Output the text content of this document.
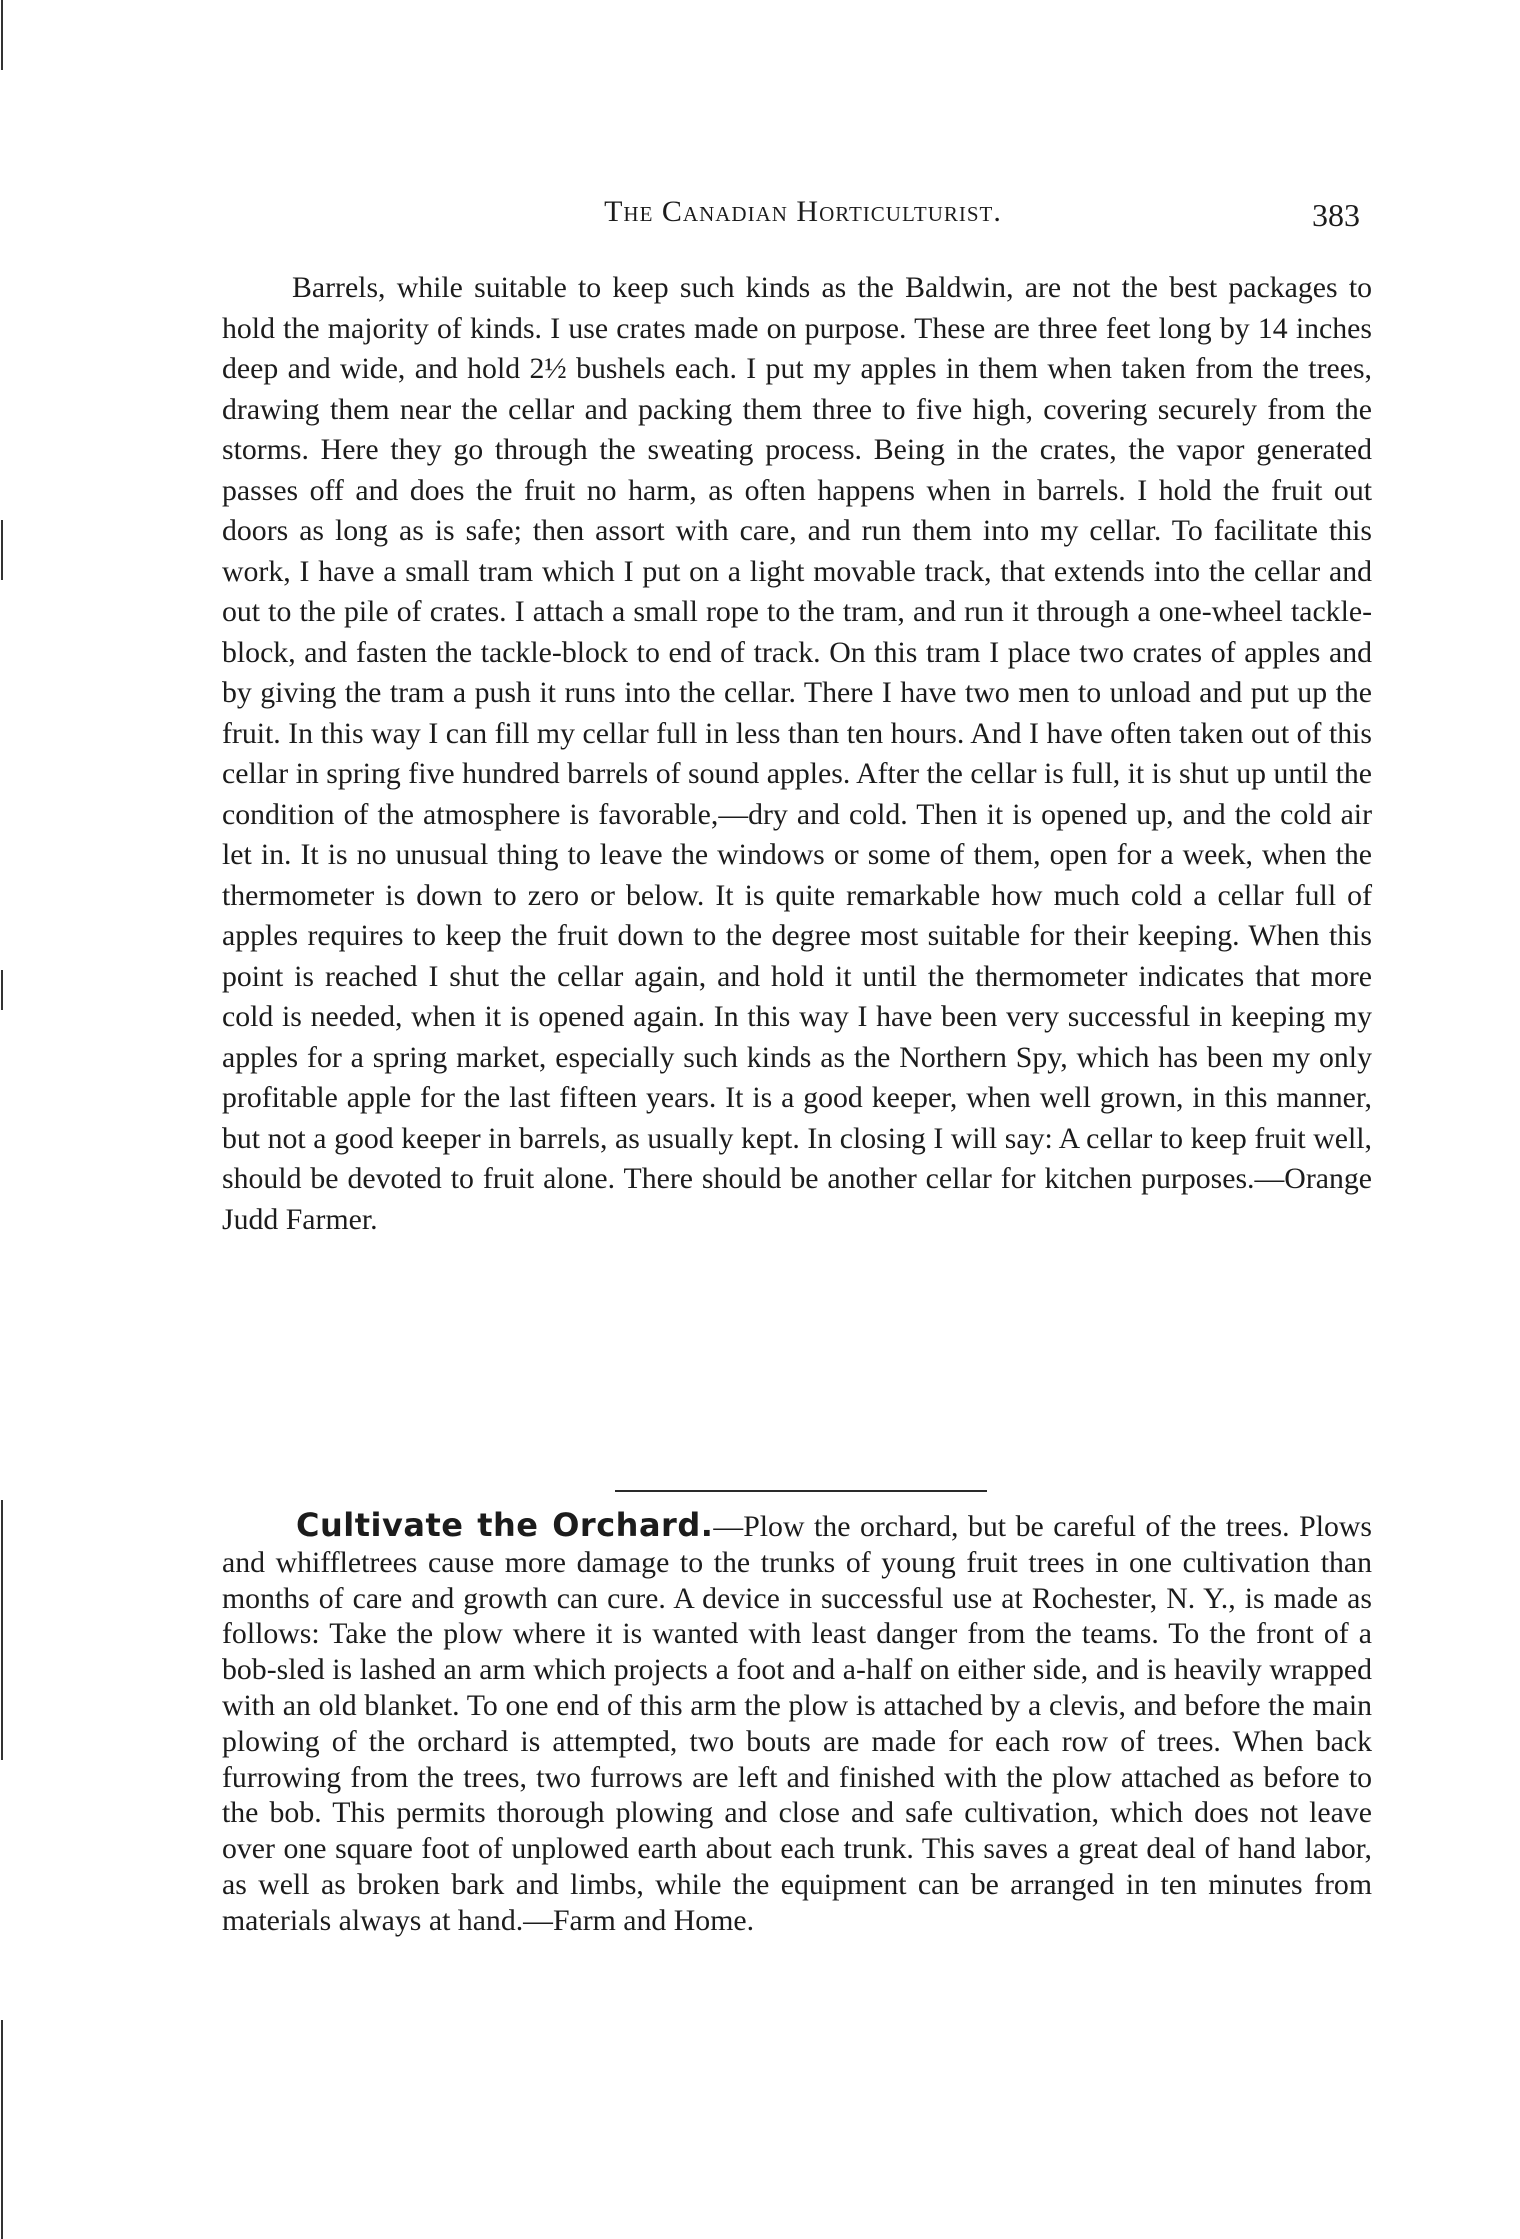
The Canadian Horticulturist.	383

Barrels, while suitable to keep such kinds as the Baldwin, are not the best packages to hold the majority of kinds. I use crates made on purpose. These are three feet long by 14 inches deep and wide, and hold 2½ bushels each. I put my apples in them when taken from the trees, drawing them near the cellar and packing them three to five high, covering securely from the storms. Here they go through the sweating process. Being in the crates, the vapor generated passes off and does the fruit no harm, as often happens when in barrels. I hold the fruit out doors as long as is safe; then assort with care, and run them into my cellar. To facilitate this work, I have a small tram which I put on a light movable track, that extends into the cellar and out to the pile of crates. I attach a small rope to the tram, and run it through a one-wheel tackle-block, and fasten the tackle-block to end of track. On this tram I place two crates of apples and by giving the tram a push it runs into the cellar. There I have two men to unload and put up the fruit. In this way I can fill my cellar full in less than ten hours. And I have often taken out of this cellar in spring five hundred barrels of sound apples. After the cellar is full, it is shut up until the condition of the atmosphere is favorable,—dry and cold. Then it is opened up, and the cold air let in. It is no unusual thing to leave the windows or some of them, open for a week, when the thermometer is down to zero or below. It is quite remarkable how much cold a cellar full of apples requires to keep the fruit down to the degree most suitable for their keeping. When this point is reached I shut the cellar again, and hold it until the thermometer indicates that more cold is needed, when it is opened again. In this way I have been very successful in keeping my apples for a spring market, especially such kinds as the Northern Spy, which has been my only profitable apple for the last fifteen years. It is a good keeper, when well grown, in this manner, but not a good keeper in barrels, as usually kept. In closing I will say: A cellar to keep fruit well, should be devoted to fruit alone. There should be another cellar for kitchen purposes.—Orange Judd Farmer.

Cultivate the Orchard.—Plow the orchard, but be careful of the trees. Plows and whiffletrees cause more damage to the trunks of young fruit trees in one cultivation than months of care and growth can cure. A device in successful use at Rochester, N. Y., is made as follows: Take the plow where it is wanted with least danger from the teams. To the front of a bob-sled is lashed an arm which projects a foot and a-half on either side, and is heavily wrapped with an old blanket. To one end of this arm the plow is attached by a clevis, and before the main plowing of the orchard is attempted, two bouts are made for each row of trees. When back furrowing from the trees, two furrows are left and finished with the plow attached as before to the bob. This permits thorough plowing and close and safe cultivation, which does not leave over one square foot of unplowed earth about each trunk. This saves a great deal of hand labor, as well as broken bark and limbs, while the equipment can be arranged in ten minutes from materials always at hand.—Farm and Home.
